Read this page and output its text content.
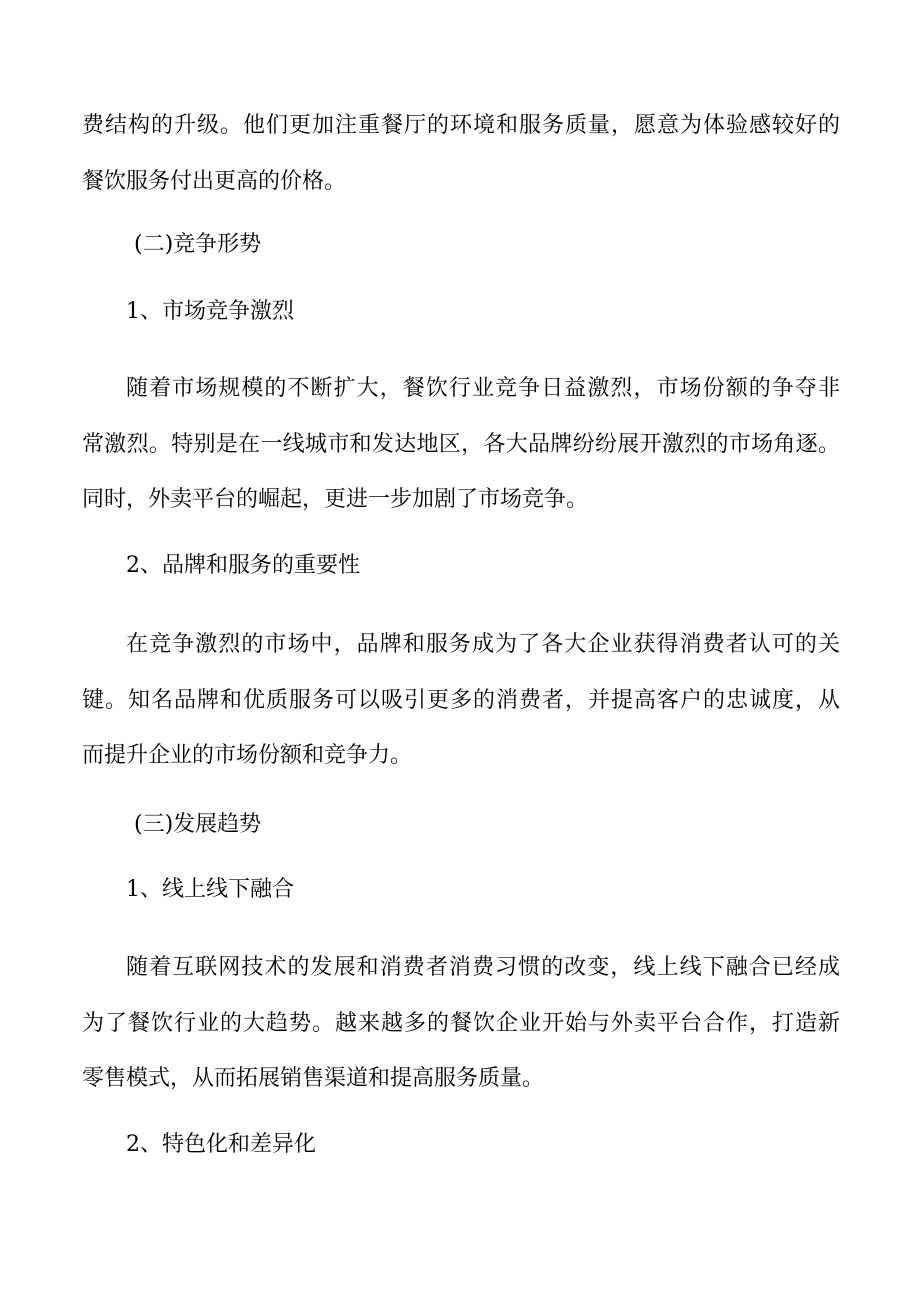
费结构的升级。他们更加注重餐厅的环境和服务质量，愿意为体验感较好的
餐饮服务付出更高的价格。
(二)竞争形势
1、市场竞争激烈
随着市场规模的不断扩大，餐饮行业竞争日益激烈，市场份额的争夺非
常激烈。特别是在一线城市和发达地区，各大品牌纷纷展开激烈的市场角逐。
同时，外卖平台的崛起，更进一步加剧了市场竞争。
2、品牌和服务的重要性
在竞争激烈的市场中，品牌和服务成为了各大企业获得消费者认可的关
键。知名品牌和优质服务可以吸引更多的消费者，并提高客户的忠诚度，从
而提升企业的市场份额和竞争力。
(三)发展趋势
1、线上线下融合
随着互联网技术的发展和消费者消费习惯的改变，线上线下融合已经成
为了餐饮行业的大趋势。越来越多的餐饮企业开始与外卖平台合作，打造新
零售模式，从而拓展销售渠道和提高服务质量。
2、特色化和差异化
